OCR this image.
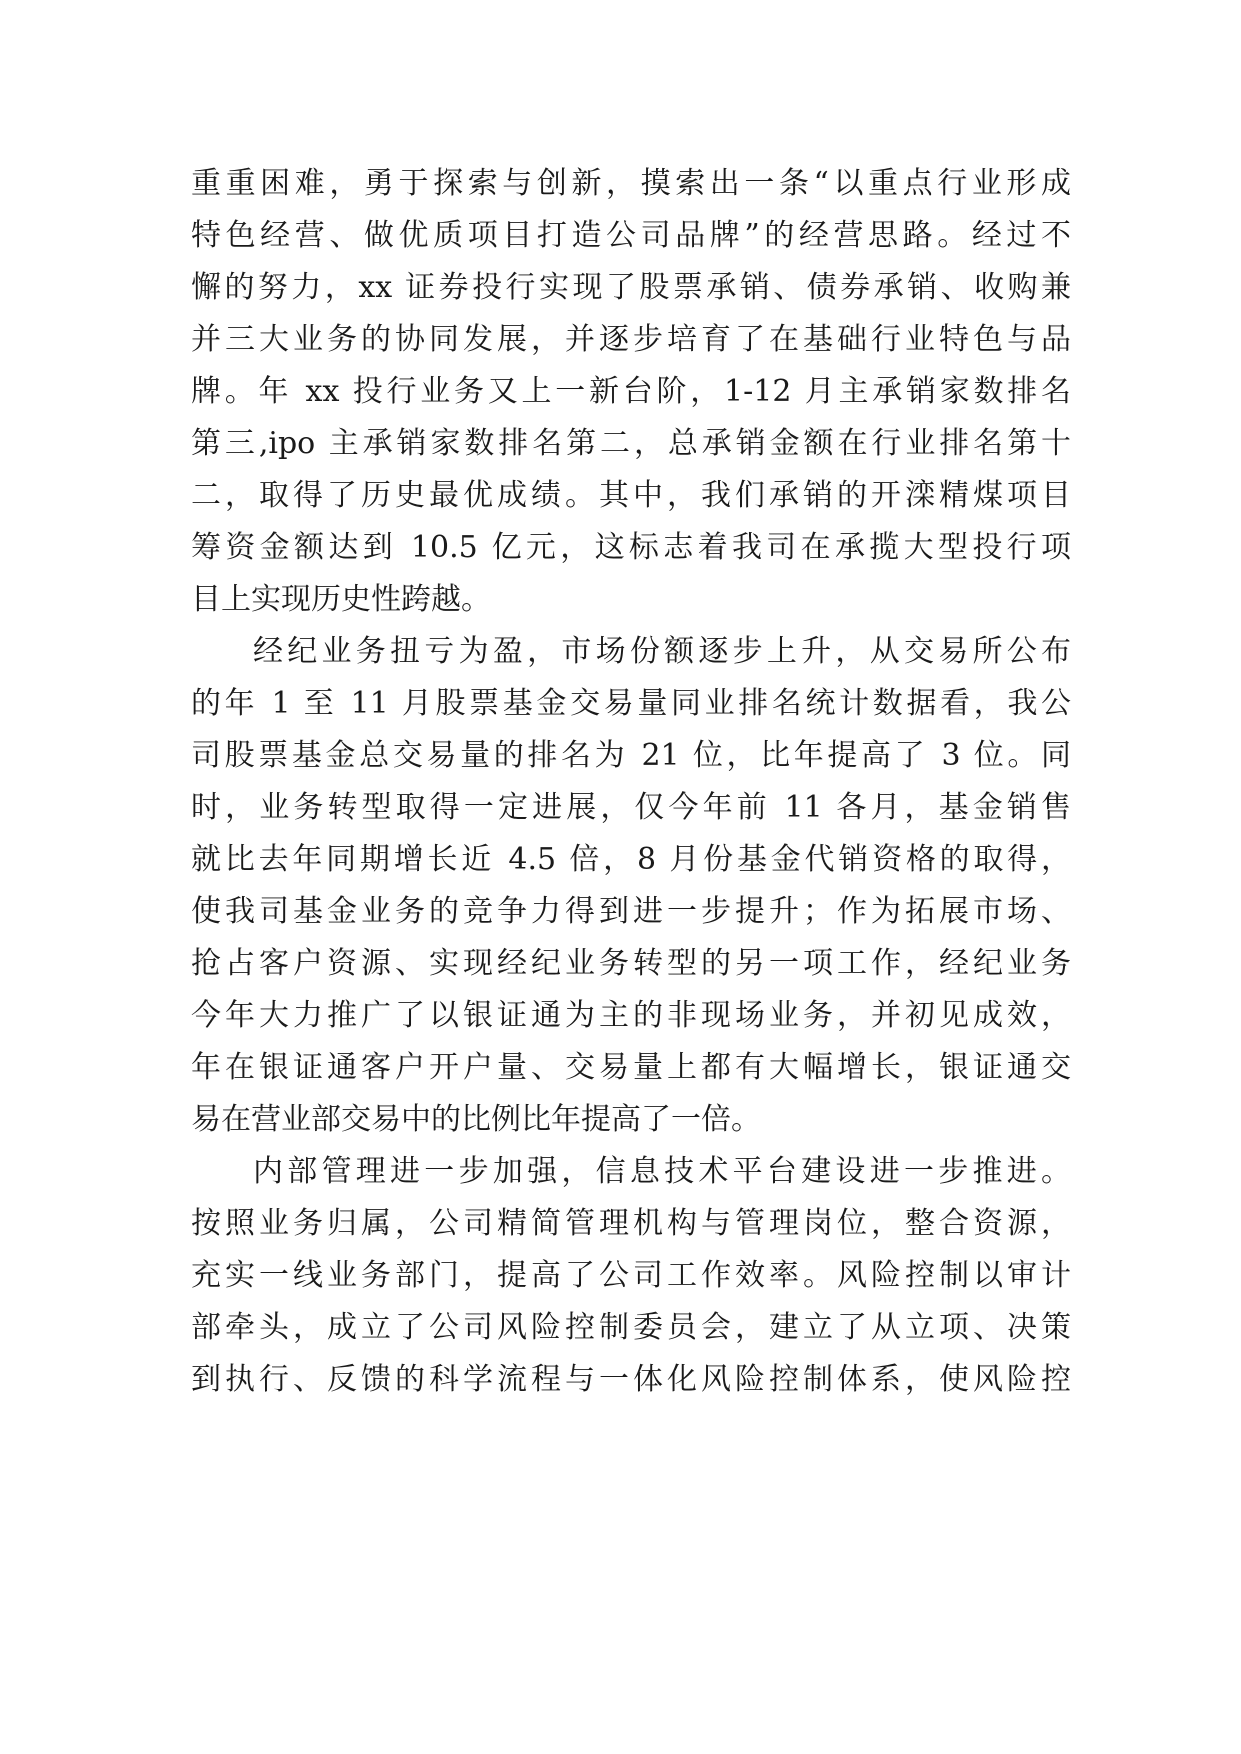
重重困难，勇于探索与创新，摸索出一条“以重点行业形成
特色经营、做优质项目打造公司品牌”的经营思路。经过不
懈的努力，xx 证券投行实现了股票承销、债券承销、收购兼
并三大业务的协同发展，并逐步培育了在基础行业特色与品
牌。年 xx 投行业务又上一新台阶，1-12 月主承销家数排名
第三,ipo 主承销家数排名第二，总承销金额在行业排名第十
二，取得了历史最优成绩。其中，我们承销的开滦精煤项目
筹资金额达到 10.5 亿元，这标志着我司在承揽大型投行项
目上实现历史性跨越。
经纪业务扭亏为盈，市场份额逐步上升，从交易所公布
的年 1 至 11 月股票基金交易量同业排名统计数据看，我公
司股票基金总交易量的排名为 21 位，比年提高了 3 位。同
时，业务转型取得一定进展，仅今年前 11 各月，基金销售
就比去年同期增长近 4.5 倍，8 月份基金代销资格的取得，
使我司基金业务的竞争力得到进一步提升；作为拓展市场、
抢占客户资源、实现经纪业务转型的另一项工作，经纪业务
今年大力推广了以银证通为主的非现场业务，并初见成效，
年在银证通客户开户量、交易量上都有大幅增长，银证通交
易在营业部交易中的比例比年提高了一倍。
内部管理进一步加强，信息技术平台建设进一步推进。
按照业务归属，公司精简管理机构与管理岗位，整合资源，
充实一线业务部门，提高了公司工作效率。风险控制以审计
部牵头，成立了公司风险控制委员会，建立了从立项、决策
到执行、反馈的科学流程与一体化风险控制体系，使风险控
